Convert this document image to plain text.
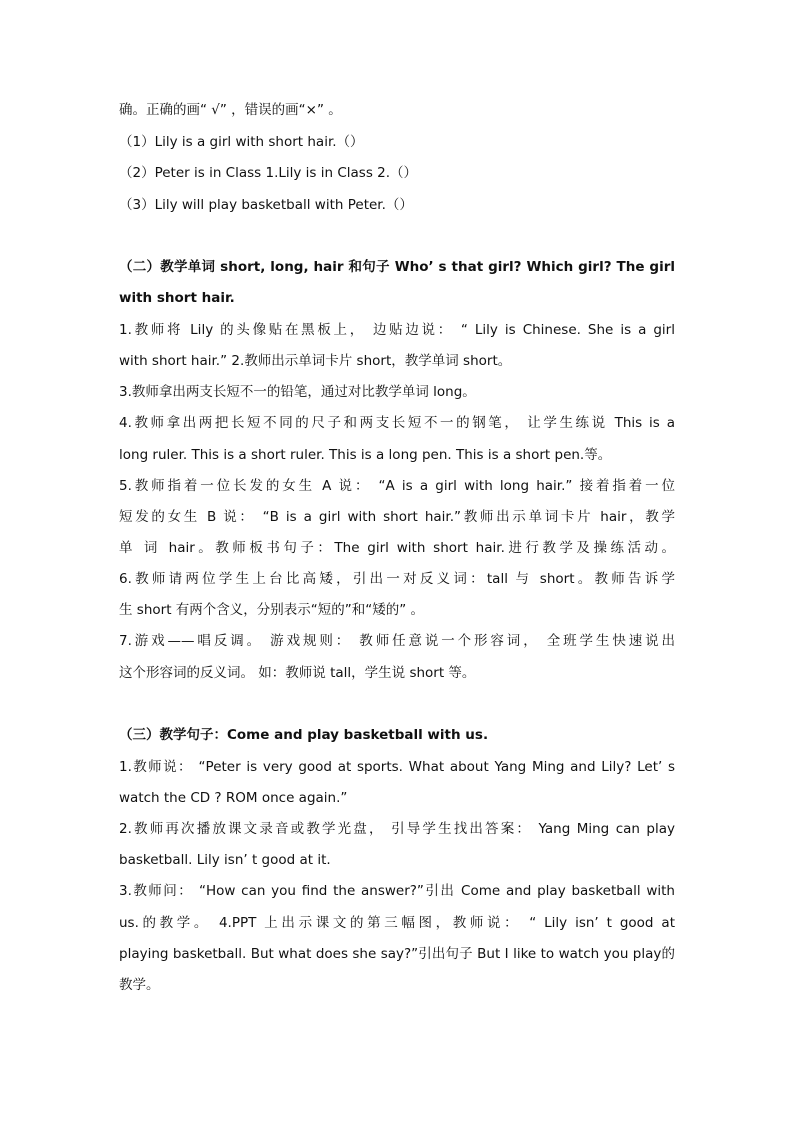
确。正确的画“ √” ，错误的画“×” 。
（1）Lily is a girl with short hair.（）
（2）Peter is in Class 1.Lily is in Class 2.（）
（3）Lily will play basketball with Peter.（）
（二）教学单词 short, long, hair 和句子 Who’ s that girl? Which girl? The girl
with short hair.
1.教师将 Lily 的头像贴在黑板上， 边贴边说： “ Lily is Chinese. She is a girl
with short hair.” 2.教师出示单词卡片 short，教学单词 short。
3.教师拿出两支长短不一的铅笔，通过对比教学单词 long。
4.教师拿出两把长短不同的尺子和两支长短不一的钢笔， 让学生练说 This is a
long ruler. This is a short ruler. This is a long pen. This is a short pen.等。
5.教师指着一位长发的女生 A 说： “A is a girl with long hair.” 接着指着一位
短发的女生 B 说： “B is a girl with short hair.”教师出示单词卡片 hair，教学
单 词 hair。教师板书句子：The girl with short hair.进行教学及操练活动。
6.教师请两位学生上台比高矮，引出一对反义词：tall 与 short。教师告诉学
生 short 有两个含义，分别表示“短的”和“矮的” 。
7.游戏——唱反调。 游戏规则： 教师任意说一个形容词， 全班学生快速说出
这个形容词的反义词。 如：教师说 tall，学生说 short 等。
（三）教学句子：Come and play basketball with us.
1.教师说： “Peter is very good at sports. What about Yang Ming and Lily? Let’ s
watch the CD ? ROM once again.”
2.教师再次播放课文录音或教学光盘， 引导学生找出答案： Yang Ming can play
basketball. Lily isn’ t good at it.
3.教师问： “How can you find the answer?”引出 Come and play basketball with
us.的教学。 4.PPT 上出示课文的第三幅图，教师说： “ Lily isn’ t good at
playing basketball. But what does she say?”引出句子 But I like to watch you play的
教学。
